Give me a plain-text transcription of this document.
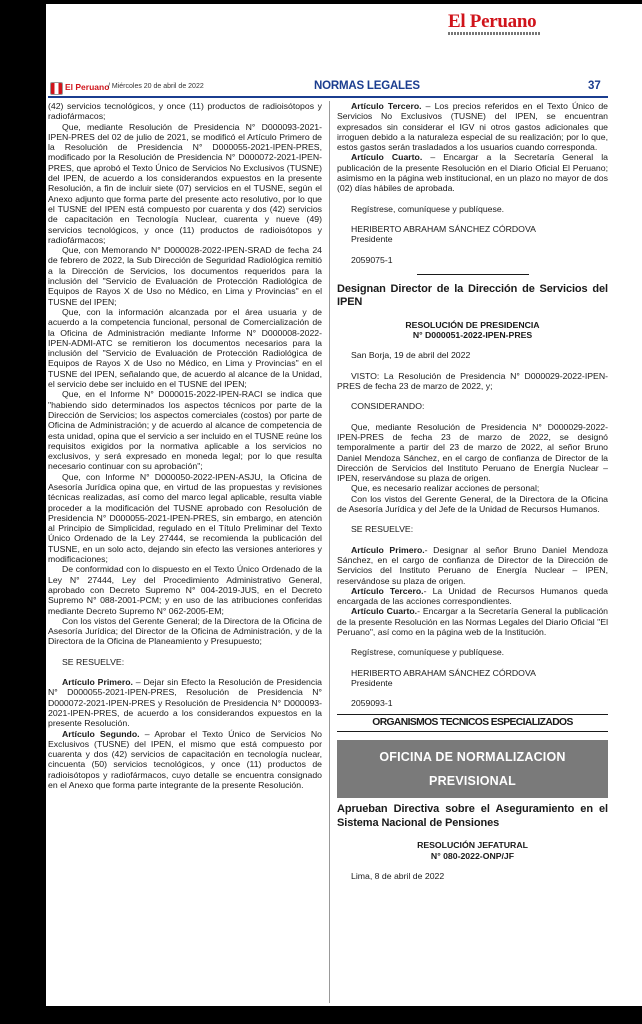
El Peruano
El Peruano
/ Miércoles 20 de abril de 2022	NORMAS LEGALES	37

(42) servicios tecnológicos, y once (11) productos de radioisótopos y radiofármacos;

Que, mediante Resolución de Presidencia N° D000093-2021-IPEN-PRES del 02 de julio de 2021, se modificó el Artículo Primero de la Resolución de Presidencia N° D000055-2021-IPEN-PRES, modificado por la Resolución de Presidencia N° D000072-2021-IPEN-PRES, que aprobó el Texto Único de Servicios No Exclusivos (TUSNE) del IPEN, de acuerdo a los considerandos expuestos en la presente Resolución, a fin de incluir siete (07) servicios en el TUSNE, según el Anexo adjunto que forma parte del presente acto resolutivo, por lo que el TUSNE del IPEN está compuesto por cuarenta y dos (42) servicios de capacitación en Tecnología Nuclear, cuarenta y nueve (49) servicios tecnológicos, y once (11) productos de radioisótopos y radiofármacos;

Que, con Memorando N° D000028-2022-IPEN-SRAD de fecha 24 de febrero de 2022, la Sub Dirección de Seguridad Radiológica remitió a la Dirección de Servicios, los documentos requeridos para la inclusión del "Servicio de Evaluación de Protección Radiológica de Equipos de Rayos X de Uso no Médico, en Lima y Provincias" en el TUSNE del IPEN;

Que, con la información alcanzada por el área usuaria y de acuerdo a la competencia funcional, personal de Comercialización de la Oficina de Administración mediante Informe N° D000008-2022-IPEN-ADMI-ATC se remitieron los documentos necesarios para la inclusión del "Servicio de Evaluación de Protección Radiológica de Equipos de Rayos X de Uso no Médico, en Lima y Provincias" en el TUSNE del IPEN, señalando que, de acuerdo al alcance de la Unidad, el servicio debe ser incluido en el TUSNE del IPEN;

Que, en el Informe N° D000015-2022-IPEN-RACI se indica que "habiendo sido determinados los aspectos técnicos por parte de la Dirección de Servicios; los aspectos comerciales (costos) por parte de Oficina de Administración; y de acuerdo al alcance de competencia de esta unidad, opina que el servicio a ser incluido en el TUSNE reúne los requisitos exigidos por la normativa aplicable a los servicios no exclusivos, y será expresado en moneda legal; por lo que resulta necesario continuar con su aprobación";

Que, con Informe N° D000050-2022-IPEN-ASJU, la Oficina de Asesoría Jurídica opina que, en virtud de las propuestas y revisiones técnicas realizadas, así como del marco legal aplicable, resulta viable proceder a la modificación del TUSNE aprobado con Resolución de Presidencia N° D000055-2021-IPEN-PRES, sin embargo, en atención al Principio de Simplicidad, regulado en el Título Preliminar del Texto Único Ordenado de la Ley 27444, se recomienda la publicación del TUSNE, en un solo acto, dejando sin efecto las versiones anteriores y modificaciones;

De conformidad con lo dispuesto en el Texto Único Ordenado de la Ley N° 27444, Ley del Procedimiento Administrativo General, aprobado con Decreto Supremo N° 004-2019-JUS, en el Decreto Supremo N° 088-2001-PCM; y en uso de las atribuciones conferidas mediante Decreto Supremo N° 062-2005-EM;

Con los vistos del Gerente General; de la Directora de la Oficina de Asesoría Jurídica; del Director de la Oficina de Administración, y de la Directora de la Oficina de Planeamiento y Presupuesto;

SE RESUELVE:

Artículo Primero. – Dejar sin Efecto la Resolución de Presidencia N° D000055-2021-IPEN-PRES, Resolución de Presidencia N° D000072-2021-IPEN-PRES y Resolución de Presidencia N° D000093-2021-IPEN-PRES, de acuerdo a los considerandos expuestos en la presente Resolución.

Artículo Segundo. – Aprobar el Texto Único de Servicios No Exclusivos (TUSNE) del IPEN, el mismo que está compuesto por cuarenta y dos (42) servicios de capacitación en tecnología nuclear, cincuenta (50) servicios tecnológicos, y once (11) productos de radioisótopos y radiofármacos, cuyo detalle se encuentra consignado en el Anexo que forma parte integrante de la presente Resolución.

Artículo Tercero. – Los precios referidos en el Texto Único de Servicios No Exclusivos (TUSNE) del IPEN, se encuentran expresados sin considerar el IGV ni otros gastos adicionales que irroguen debido a la naturaleza especial de su realización; por lo que, estos gastos serán trasladados a los usuarios cuando corresponda.

Artículo Cuarto. – Encargar a la Secretaría General la publicación de la presente Resolución en el Diario Oficial El Peruano; asimismo en la página web institucional, en un plazo no mayor de dos (02) días hábiles de aprobada.

Regístrese, comuníquese y publíquese.

HERIBERTO ABRAHAM SÁNCHEZ CÓRDOVA

Presidente

2059075-1

Designan Director de la Dirección de Servicios del IPEN

RESOLUCIÓN DE PRESIDENCIA

N° D000051-2022-IPEN-PRES

San Borja, 19 de abril del 2022

VISTO: La Resolución de Presidencia N° D000029-2022-IPEN-PRES de fecha 23 de marzo de 2022, y;

CONSIDERANDO:

Que, mediante Resolución de Presidencia N° D000029-2022-IPEN-PRES de fecha 23 de marzo de 2022, se designó temporalmente a partir del 23 de marzo de 2022, al señor Bruno Daniel Mendoza Sánchez, en el cargo de confianza de Director de la Dirección de Servicios del Instituto Peruano de Energía Nuclear – IPEN, reservándose su plaza de origen.

Que, es necesario realizar acciones de personal;

Con los vistos del Gerente General, de la Directora de la Oficina de Asesoría Jurídica y del Jefe de la Unidad de Recursos Humanos.

SE RESUELVE:

Artículo Primero.- Designar al señor Bruno Daniel Mendoza Sánchez, en el cargo de confianza de Director de la Dirección de Servicios del Instituto Peruano de Energía Nuclear – IPEN, reservándose su plaza de origen.

Artículo Tercero.- La Unidad de Recursos Humanos queda encargada de las acciones correspondientes.

Artículo Cuarto.- Encargar a la Secretaría General la publicación de la presente Resolución en las Normas Legales del Diario Oficial "El Peruano", así como en la página web de la Institución.

Regístrese, comuníquese y publíquese.

HERIBERTO ABRAHAM SÁNCHEZ CÓRDOVA

Presidente

2059093-1

ORGANISMOS TECNICOS ESPECIALIZADOS
OFICINA DE NORMALIZACION
PREVISIONAL
Aprueban Directiva sobre el Aseguramiento en el Sistema Nacional de Pensiones

RESOLUCIÓN JEFATURAL

N° 080-2022-ONP/JF

Lima, 8 de abril de 2022
